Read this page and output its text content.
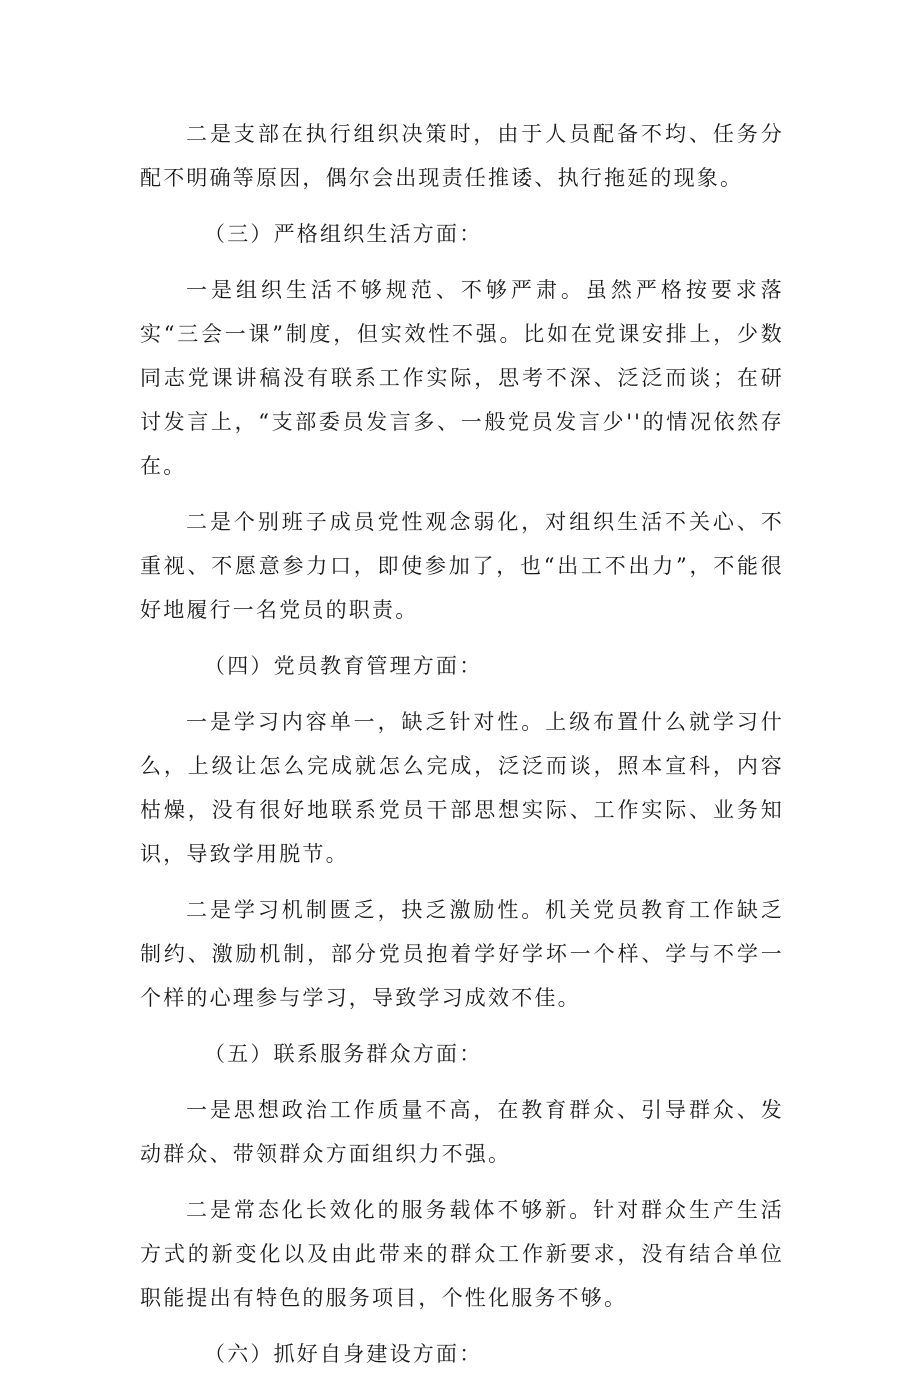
二是支部在执行组织决策时，由于人员配备不均、任务分配不明确等原因，偶尔会出现责任推诿、执行拖延的现象。

（三）严格组织生活方面：

一是组织生活不够规范、不够严肃。虽然严格按要求落实“三会一课”制度，但实效性不强。比如在党课安排上，少数同志党课讲稿没有联系工作实际，思考不深、泛泛而谈；在研讨发言上，“支部委员发言多、一般党员发言少''的情况依然存在。

二是个别班子成员党性观念弱化，对组织生活不关心、不重视、不愿意参力口，即使参加了，也“出工不出力”，不能很好地履行一名党员的职责。

（四）党员教育管理方面：

一是学习内容单一，缺乏针对性。上级布置什么就学习什么，上级让怎么完成就怎么完成，泛泛而谈，照本宣科，内容枯燥，没有很好地联系党员干部思想实际、工作实际、业务知识，导致学用脱节。

二是学习机制匮乏，抉乏激励性。机关党员教育工作缺乏制约、激励机制，部分党员抱着学好学坏一个样、学与不学一个样的心理参与学习，导致学习成效不佳。

（五）联系服务群众方面：

一是思想政治工作质量不高，在教育群众、引导群众、发动群众、带领群众方面组织力不强。

二是常态化长效化的服务载体不够新。针对群众生产生活方式的新变化以及由此带来的群众工作新要求，没有结合单位职能提出有特色的服务项目，个性化服务不够。

（六）抓好自身建设方面：
